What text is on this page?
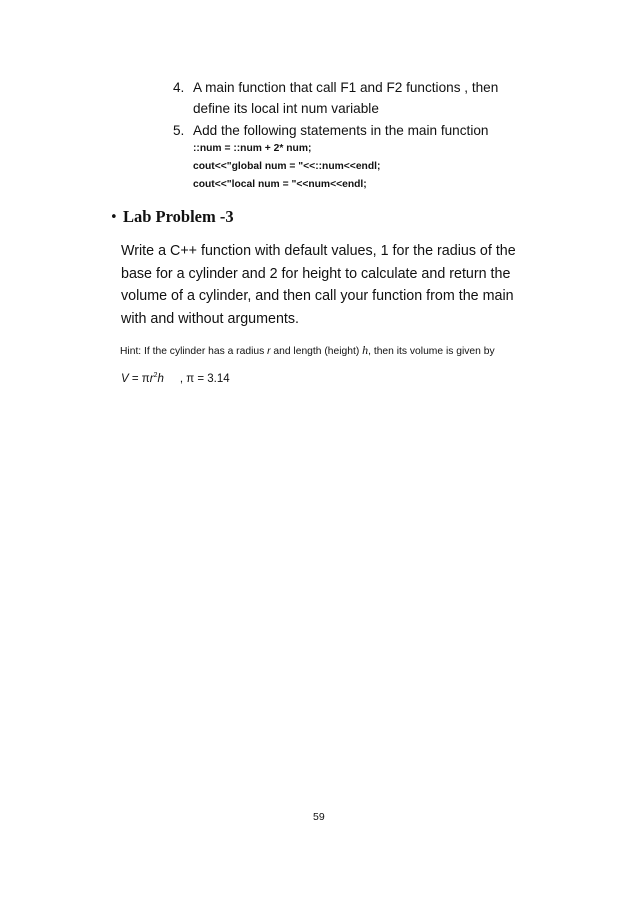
4. A main function that call F1 and F2 functions , then
define its local int num variable
5. Add the following statements in the main function
::num = ::num + 2* num;
cout<<"global num = "<<::num<<endl;
cout<<"local num = "<<num<<endl;
• Lab Problem -3
Write a C++ function with default values, 1 for the radius of the
base for a cylinder and 2 for height to calculate and return the
volume of a cylinder, and then call your function from the main
with and without arguments.
Hint: If the cylinder has a radius r and length (height) h, then its volume is given by
$V = \pi r^2h$     , π = 3.14
59
